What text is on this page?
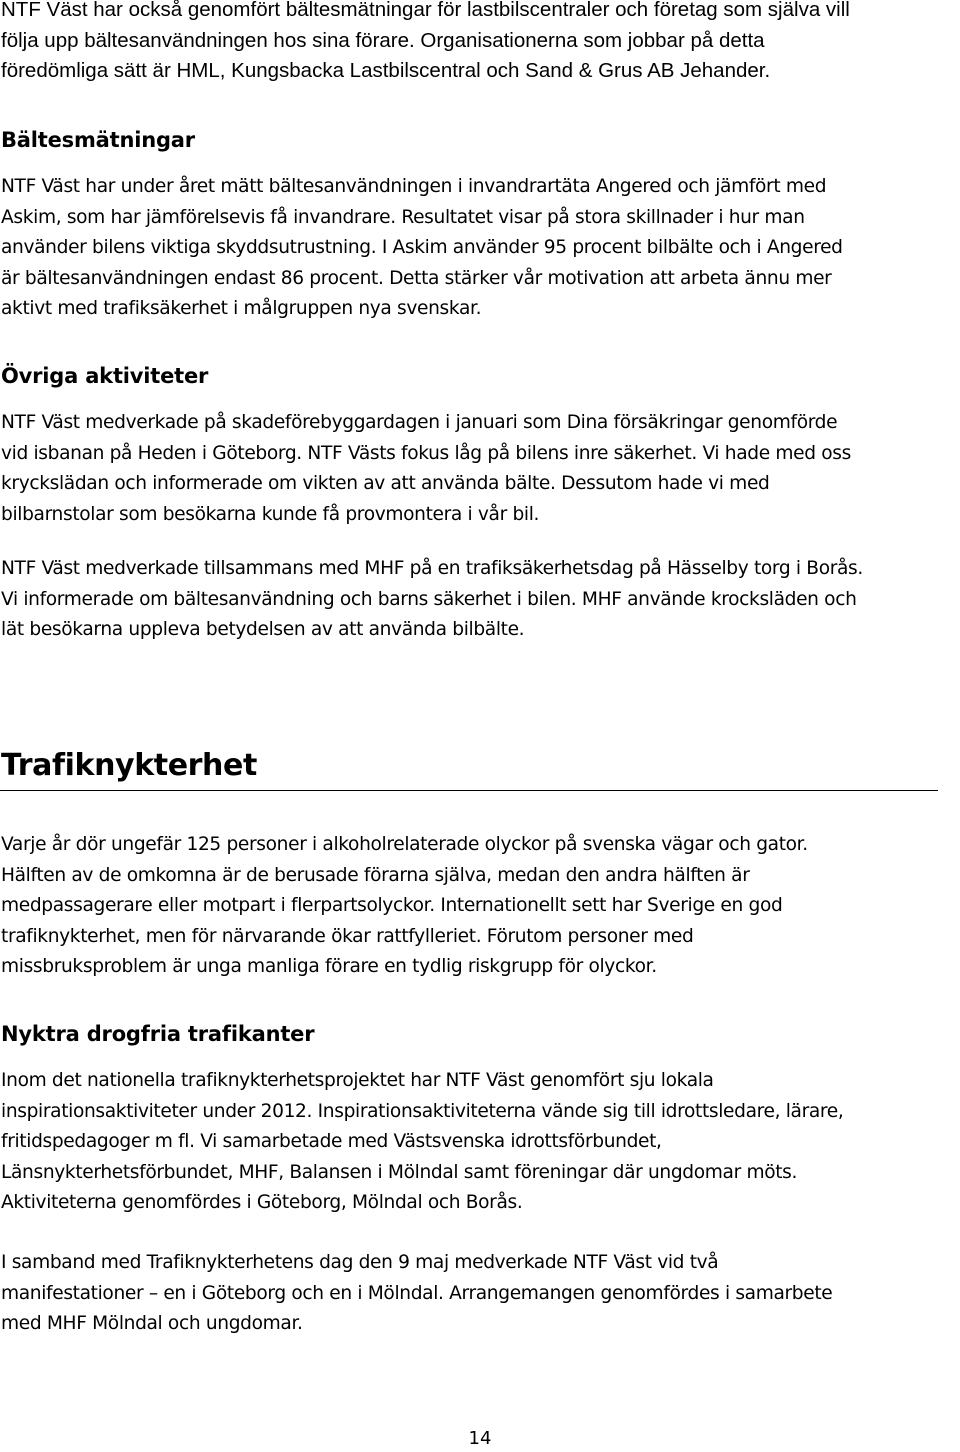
NTF Väst har också genomfört bältesmätningar för lastbilscentraler och företag som själva vill
följa upp bältesanvändningen hos sina förare. Organisationerna som jobbar på detta
föredömliga sätt är HML, Kungsbacka Lastbilscentral och Sand & Grus AB Jehander.

Bältesmätningar

NTF Väst har under året mätt bältesanvändningen i invandrartäta Angered och jämfört med
Askim, som har jämförelsevis få invandrare. Resultatet visar på stora skillnader i hur man
använder bilens viktiga skyddsutrustning. I Askim använder 95 procent bilbälte och i Angered
är bältesanvändningen endast 86 procent. Detta stärker vår motivation att arbeta ännu mer
aktivt med trafiksäkerhet i målgruppen nya svenskar.

Övriga aktiviteter

NTF Väst medverkade på skadeförebyggardagen i januari som Dina försäkringar genomförde
vid isbanan på Heden i Göteborg. NTF Västs fokus låg på bilens inre säkerhet. Vi hade med oss
kryckslädan och informerade om vikten av att använda bälte. Dessutom hade vi med
bilbarnstolar som besökarna kunde få provmontera i vår bil.

NTF Väst medverkade tillsammans med MHF på en trafiksäkerhetsdag på Hässelby torg i Borås.
Vi informerade om bältesanvändning och barns säkerhet i bilen. MHF använde krocksläden och
lät besökarna uppleva betydelsen av att använda bilbälte.

Trafiknykterhet

Varje år dör ungefär 125 personer i alkoholrelaterade olyckor på svenska vägar och gator.
Hälften av de omkomna är de berusade förarna själva, medan den andra hälften är
medpassagerare eller motpart i flerpartsolyckor. Internationellt sett har Sverige en god
trafiknykterhet, men för närvarande ökar rattfylleriet. Förutom personer med
missbruksproblem är unga manliga förare en tydlig riskgrupp för olyckor.

Nyktra drogfria trafikanter

Inom det nationella trafiknykterhetsprojektet har NTF Väst genomfört sju lokala
inspirationsaktiviteter under 2012. Inspirationsaktiviteterna vände sig till idrottsledare, lärare,
fritidspedagoger m fl. Vi samarbetade med Västsvenska idrottsförbundet,
Länsnykterhetsförbundet, MHF, Balansen i Mölndal samt föreningar där ungdomar möts.
Aktiviteterna genomfördes i Göteborg, Mölndal och Borås.

I samband med Trafiknykterhetens dag den 9 maj medverkade NTF Väst vid två
manifestationer – en i Göteborg och en i Mölndal. Arrangemangen genomfördes i samarbete
med MHF Mölndal och ungdomar.

14
